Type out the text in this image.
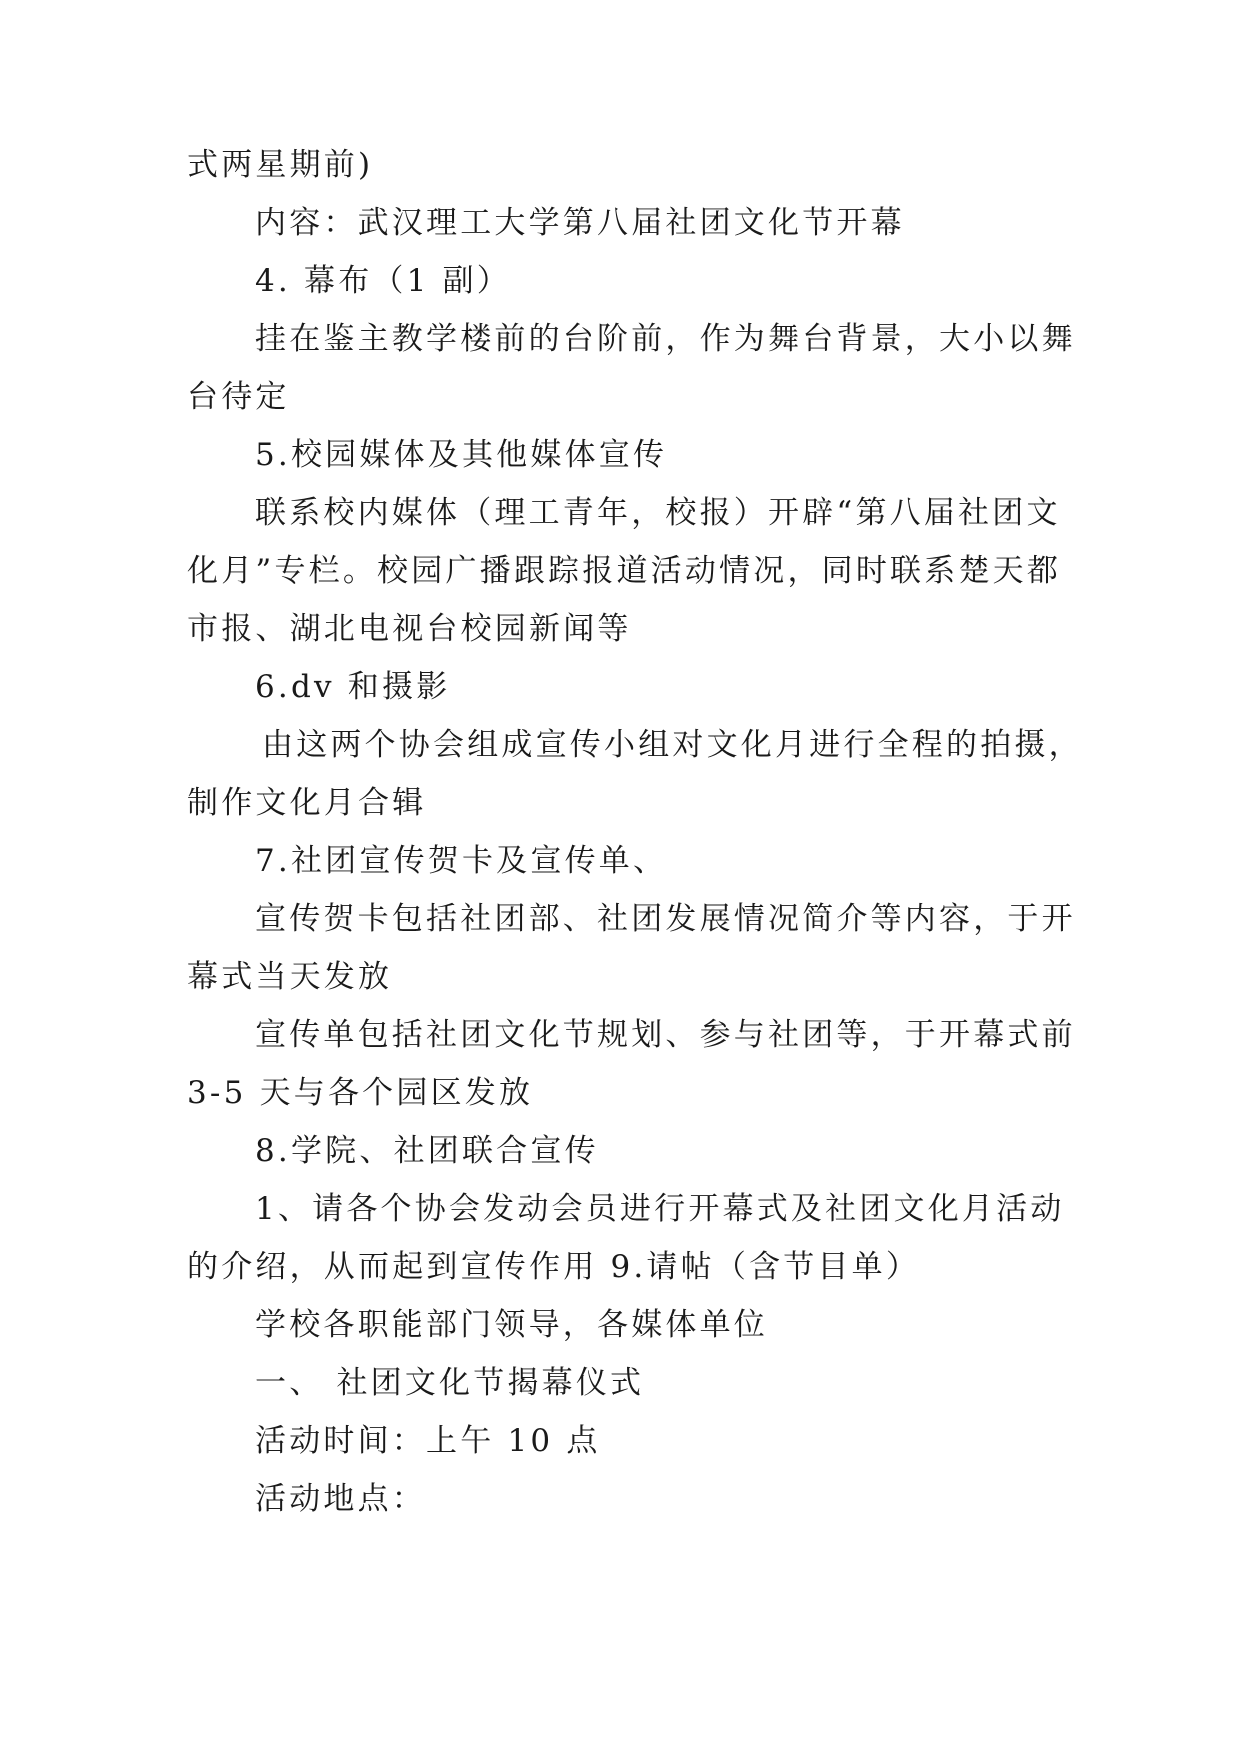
式两星期前)
内容：武汉理工大学第八届社团文化节开幕
4. 幕布（1 副）
挂在鉴主教学楼前的台阶前，作为舞台背景，大小以舞
台待定
5.校园媒体及其他媒体宣传
联系校内媒体（理工青年，校报）开辟“第八届社团文
化月”专栏。校园广播跟踪报道活动情况，同时联系楚天都
市报、湖北电视台校园新闻等
6.dv 和摄影
由这两个协会组成宣传小组对文化月进行全程的拍摄，
制作文化月合辑
7.社团宣传贺卡及宣传单、
宣传贺卡包括社团部、社团发展情况简介等内容，于开
幕式当天发放
宣传单包括社团文化节规划、参与社团等，于开幕式前
3-5 天与各个园区发放
8.学院、社团联合宣传
1、请各个协会发动会员进行开幕式及社团文化月活动
的介绍，从而起到宣传作用 9.请帖（含节目单）
学校各职能部门领导，各媒体单位
一、 社团文化节揭幕仪式
活动时间：上午 10 点
活动地点：
